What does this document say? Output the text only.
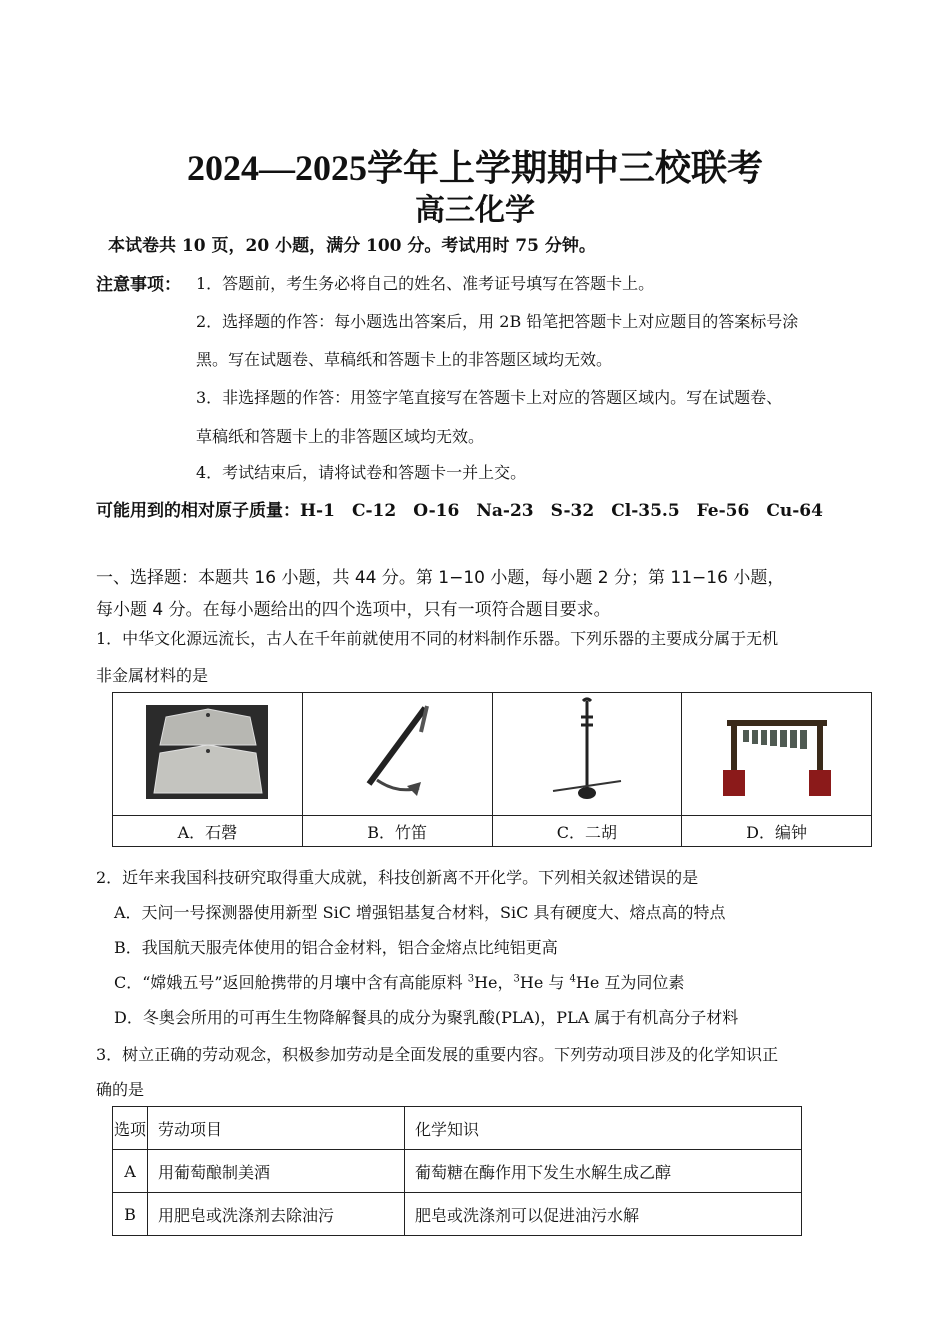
2024—2025学年上学期期中三校联考
高三化学
本试卷共 10 页，20 小题，满分 100 分。考试用时 75 分钟。
注意事项： 1．答题前，考生务必将自己的姓名、准考证号填写在答题卡上。
2．选择题的作答：每小题选出答案后，用 2B 铅笔把答题卡上对应题目的答案标号涂
黑。写在试题卷、草稿纸和答题卡上的非答题区域均无效。
3．非选择题的作答：用签字笔直接写在答题卡上对应的答题区域内。写在试题卷、
草稿纸和答题卡上的非答题区域均无效。
4．考试结束后，请将试卷和答题卡一并上交。
可能用到的相对原子质量：H-1　C-12　O-16　Na-23　S-32　Cl-35.5　Fe-56　Cu-64
一、选择题：本题共 16 小题，共 44 分。第 1−10 小题，每小题 2 分；第 11−16 小题，
每小题 4 分。在每小题给出的四个选项中，只有一项符合题目要求。
1．中华文化源远流长，古人在千年前就使用不同的材料制作乐器。下列乐器的主要成分属于无机
非金属材料的是

A．石磬	B．竹笛	C．二胡	D．编钟
2．近年来我国科技研究取得重大成就，科技创新离不开化学。下列相关叙述错误的是
A．天问一号探测器使用新型 SiC 增强铝基复合材料，SiC 具有硬度大、熔点高的特点
B．我国航天服壳体使用的铝合金材料，铝合金熔点比纯铝更高
C．“嫦娥五号”返回舱携带的月壤中含有高能原料 $^3$He，$^3$He 与 $^4$He 互为同位素
D．冬奥会所用的可再生生物降解餐具的成分为聚乳酸(PLA)，PLA 属于有机高分子材料
3．树立正确的劳动观念，积极参加劳动是全面发展的重要内容。下列劳动项目涉及的化学知识正
确的是
选项	劳动项目	化学知识
A	用葡萄酿制美酒	葡萄糖在酶作用下发生水解生成乙醇
B	用肥皂或洗涤剂去除油污	肥皂或洗涤剂可以促进油污水解
